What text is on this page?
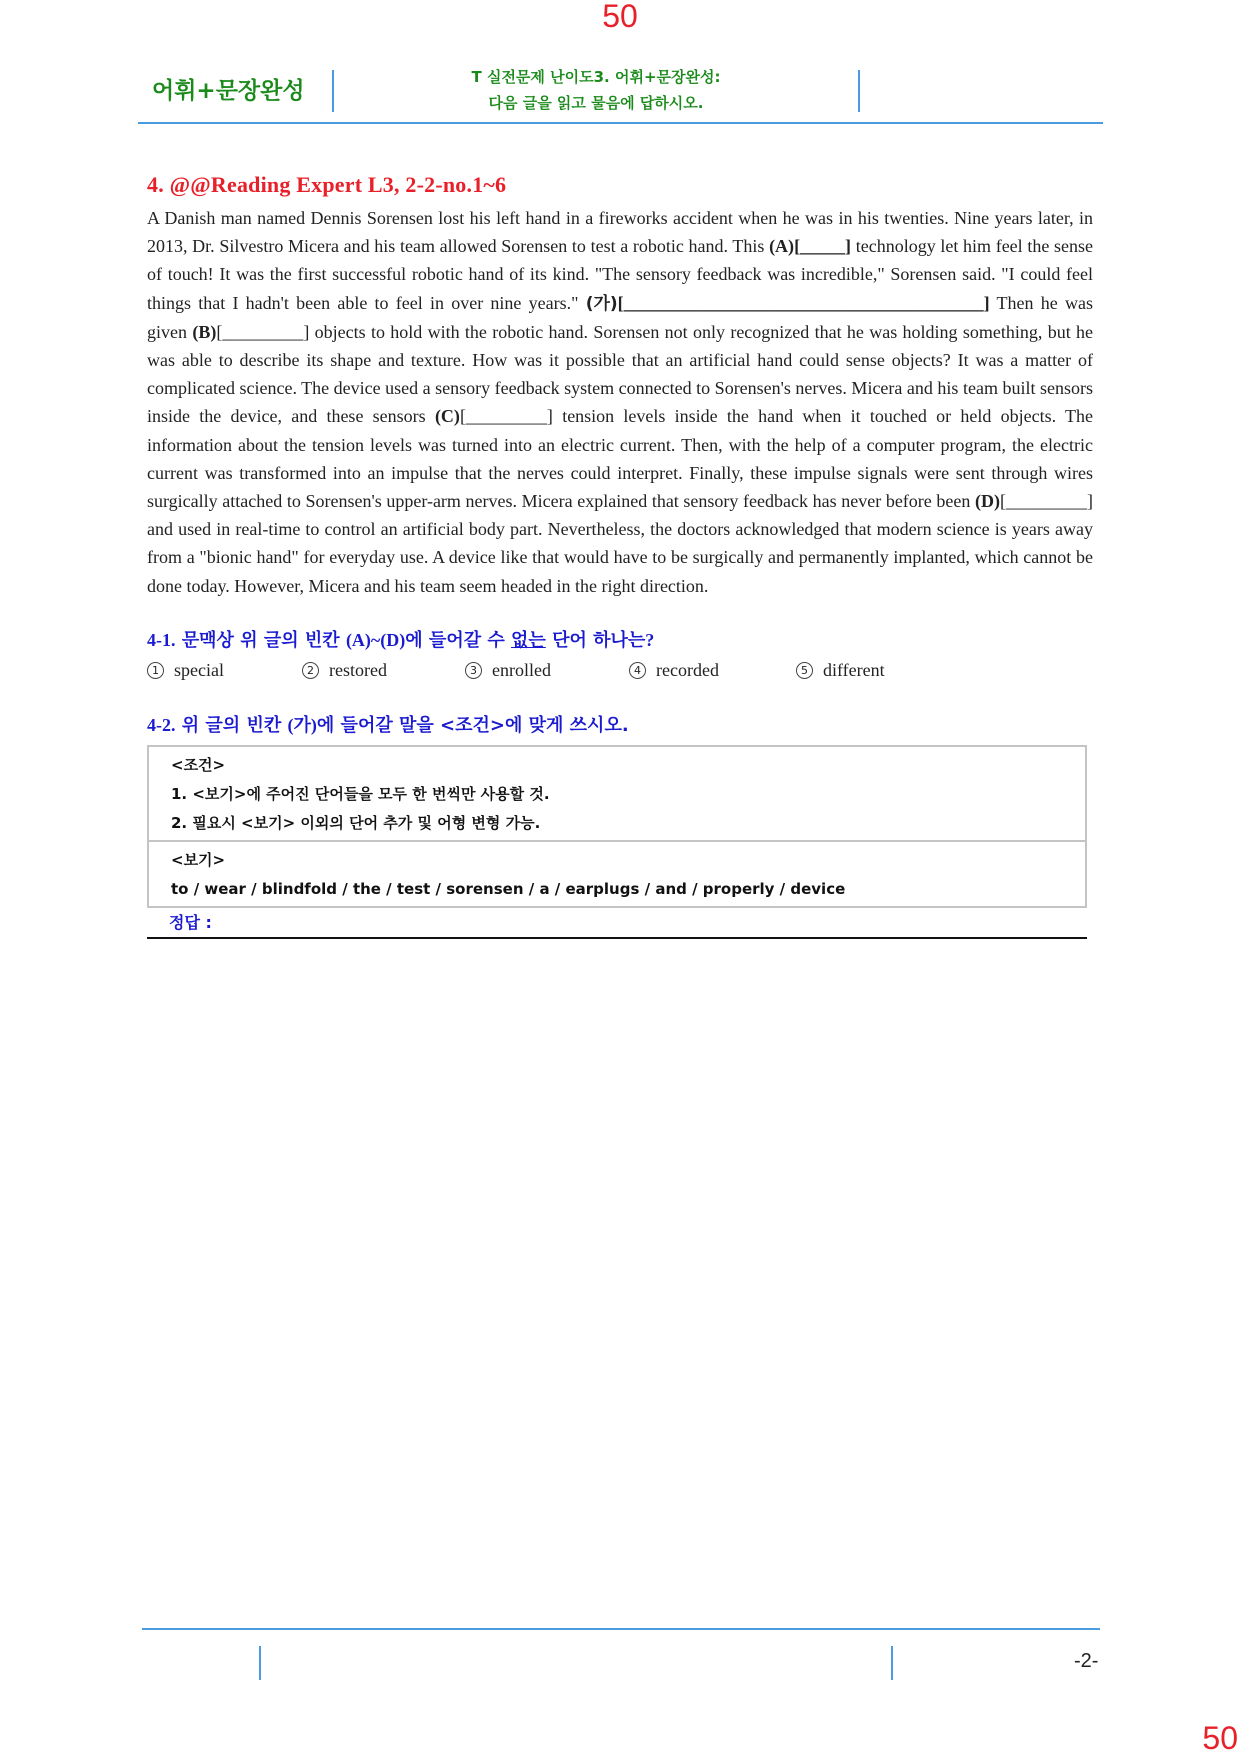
50
어휘+문장완성
T 실전문제 난이도3. 어휘+문장완성:
다음 글을 읽고 물음에 답하시오.
4. @@Reading Expert L3, 2-2-no.1~6

A Danish man named Dennis Sorensen lost his left hand in a fireworks accident when he was in his twenties. Nine years later, in 2013, Dr. Silvestro Micera and his team allowed Sorensen to test a robotic hand. This (A)[_____] technology let him feel the sense of touch! It was the first successful robotic hand of its kind. "The sensory feedback was incredible," Sorensen said. "I could feel things that I hadn't been able to feel in over nine years." (가)[________________________________________] Then he was given (B)[_________] objects to hold with the robotic hand. Sorensen not only recognized that he was holding something, but he was able to describe its shape and texture. How was it possible that an artificial hand could sense objects? It was a matter of complicated science. The device used a sensory feedback system connected to Sorensen's nerves. Micera and his team built sensors inside the device, and these sensors (C)[_________] tension levels inside the hand when it touched or held objects. The information about the tension levels was turned into an electric current. Then, with the help of a computer program, the electric current was transformed into an impulse that the nerves could interpret. Finally, these impulse signals were sent through wires surgically attached to Sorensen's upper-arm nerves. Micera explained that sensory feedback has never before been (D)[_________] and used in real-time to control an artificial body part. Nevertheless, the doctors acknowledged that modern science is years away from a "bionic hand" for everyday use. A device like that would have to be surgically and permanently implanted, which cannot be done today. However, Micera and his team seem headed in the right direction.

4-1. 문맥상 위 글의 빈칸 (A)~(D)에 들어갈 수 없는 단어 하나는?

1 special	2 restored	3 enrolled	4 recorded	5 different

4-2. 위 글의 빈칸 (가)에 들어갈 말을 <조건>에 맞게 쓰시오.

<조건>
1. <보기>에 주어진 단어들을 모두 한 번씩만 사용할 것.
2. 필요시 <보기> 이외의 단어 추가 및 어형 변형 가능.
<보기>
to / wear / blindfold / the / test / sorensen / a / earplugs / and / properly / device
정답 :
-2-
50
